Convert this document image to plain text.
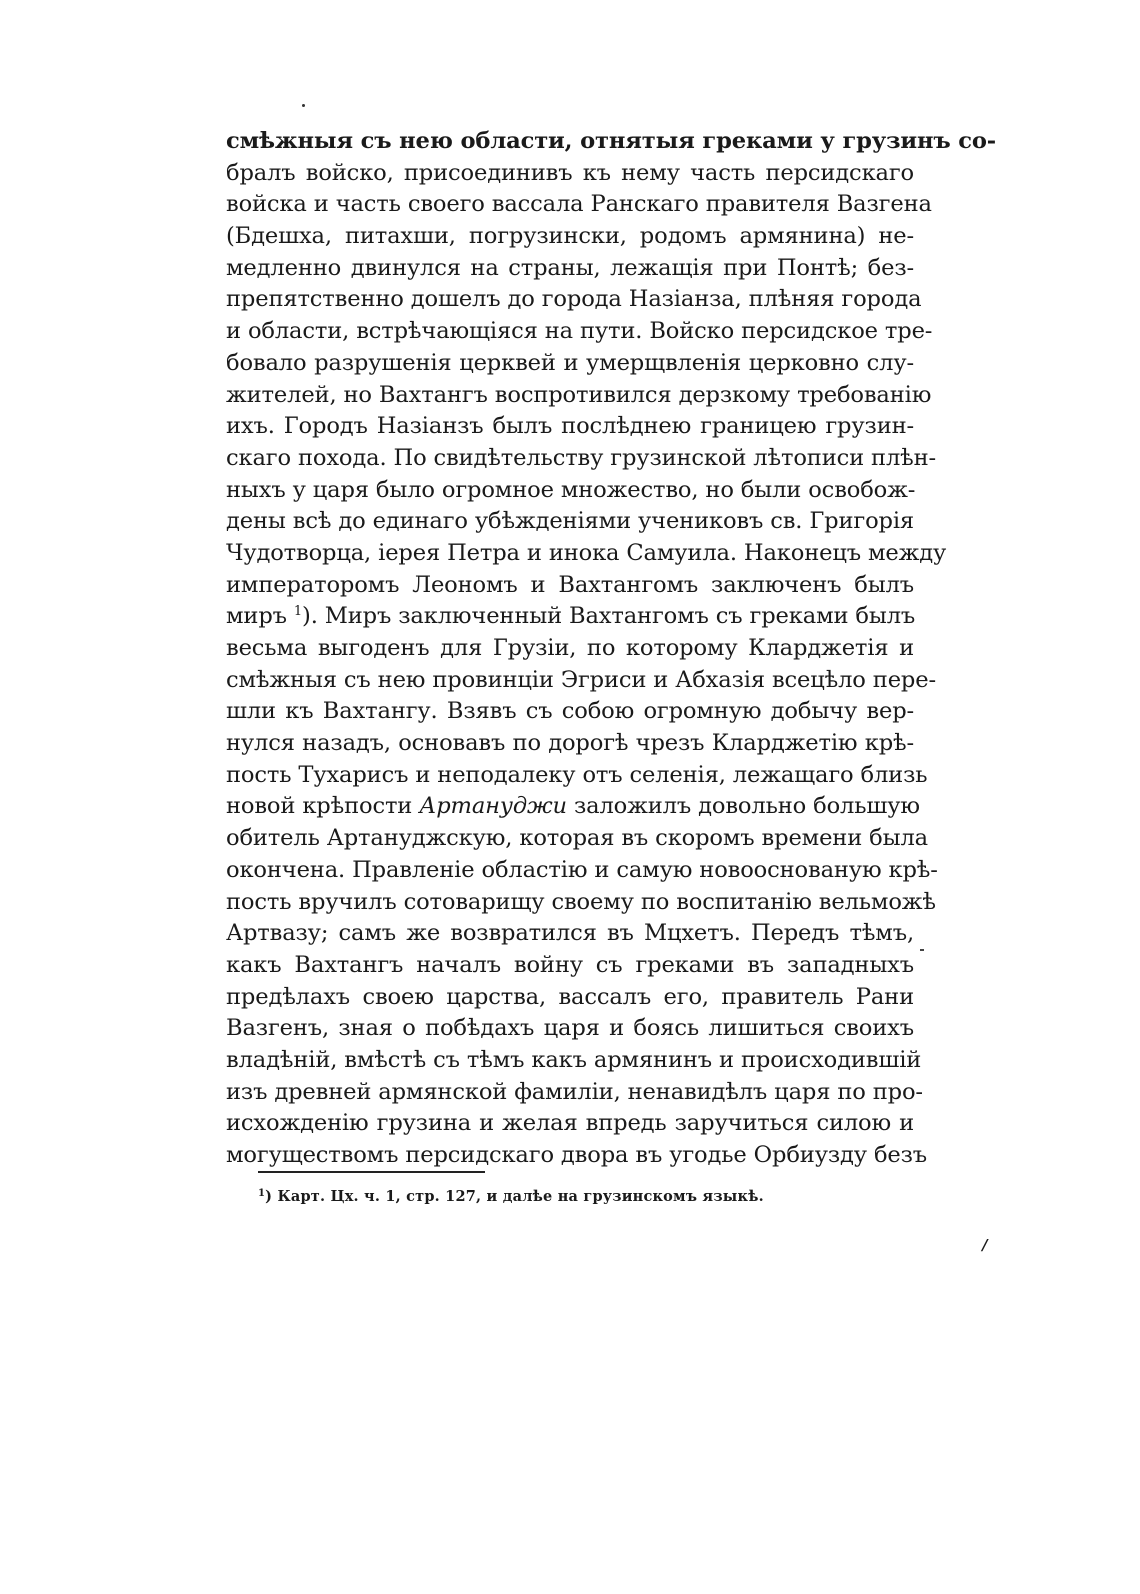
смѣжныя съ нею области, отнятыя греками у грузинъ со-
бралъ войско, присоединивъ къ нему часть персидскаго
войска и часть своего вассала Ранскаго правителя Вазгена
(Бдешха, питахши, погрузински, родомъ армянина) не-
медленно двинулся на страны, лежащія при Понтѣ; без-
препятственно дошелъ до города Назіанза, плѣняя города
и области, встрѣчающіяся на пути. Войско персидское тре-
бовало разрушенія церквей и умерщвленія церковно слу-
жителей, но Вахтангъ воспротивился дерзкому требованію
ихъ. Городъ Назіанзъ былъ послѣднею границею грузин-
скаго похода. По свидѣтельству грузинской лѣтописи плѣн-
ныхъ у царя было огромное множество, но были освобож-
дены всѣ до единаго убѣжденіями учениковъ св. Григорія
Чудотворца, іерея Петра и инока Самуила. Наконецъ между
императоромъ Леономъ и Вахтангомъ заключенъ былъ
миръ $^1$). Миръ заключенный Вахтангомъ съ греками былъ
весьма выгоденъ для Грузіи, по которому Кларджетія и
смѣжныя съ нею провинціи Эгриси и Абхазія всецѣло пере-
шли къ Вахтангу. Взявъ съ собою огромную добычу вер-
нулся назадъ, основавъ по дорогѣ чрезъ Кларджетію крѣ-
пость Тухарисъ и неподалеку отъ селенія, лежащаго близь
новой крѣпости Артануджи заложилъ довольно большую
обитель Артануджскую, которая въ скоромъ времени была
окончена. Правленіе областію и самую новооснованую крѣ-
пость вручилъ сотоварищу своему по воспитанію вельможѣ
Артвазу; самъ же возвратился въ Мцхетъ. Передъ тѣмъ,
какъ Вахтангъ началъ войну съ греками въ западныхъ
предѣлахъ своею царства, вассалъ его, правитель Рани
Вазгенъ, зная о побѣдахъ царя и боясь лишиться своихъ
владѣній, вмѣстѣ съ тѣмъ какъ армянинъ и происходившій
изъ древней армянской фамиліи, ненавидѣлъ царя по про-
исхожденію грузина и желая впредь заручиться силою и
могуществомъ персидскаго двора въ угодье Орбиузду безъ
$^1$) Карт. Цх. ч. 1, стр. 127, и далѣе на грузинскомъ языкѣ.
/
